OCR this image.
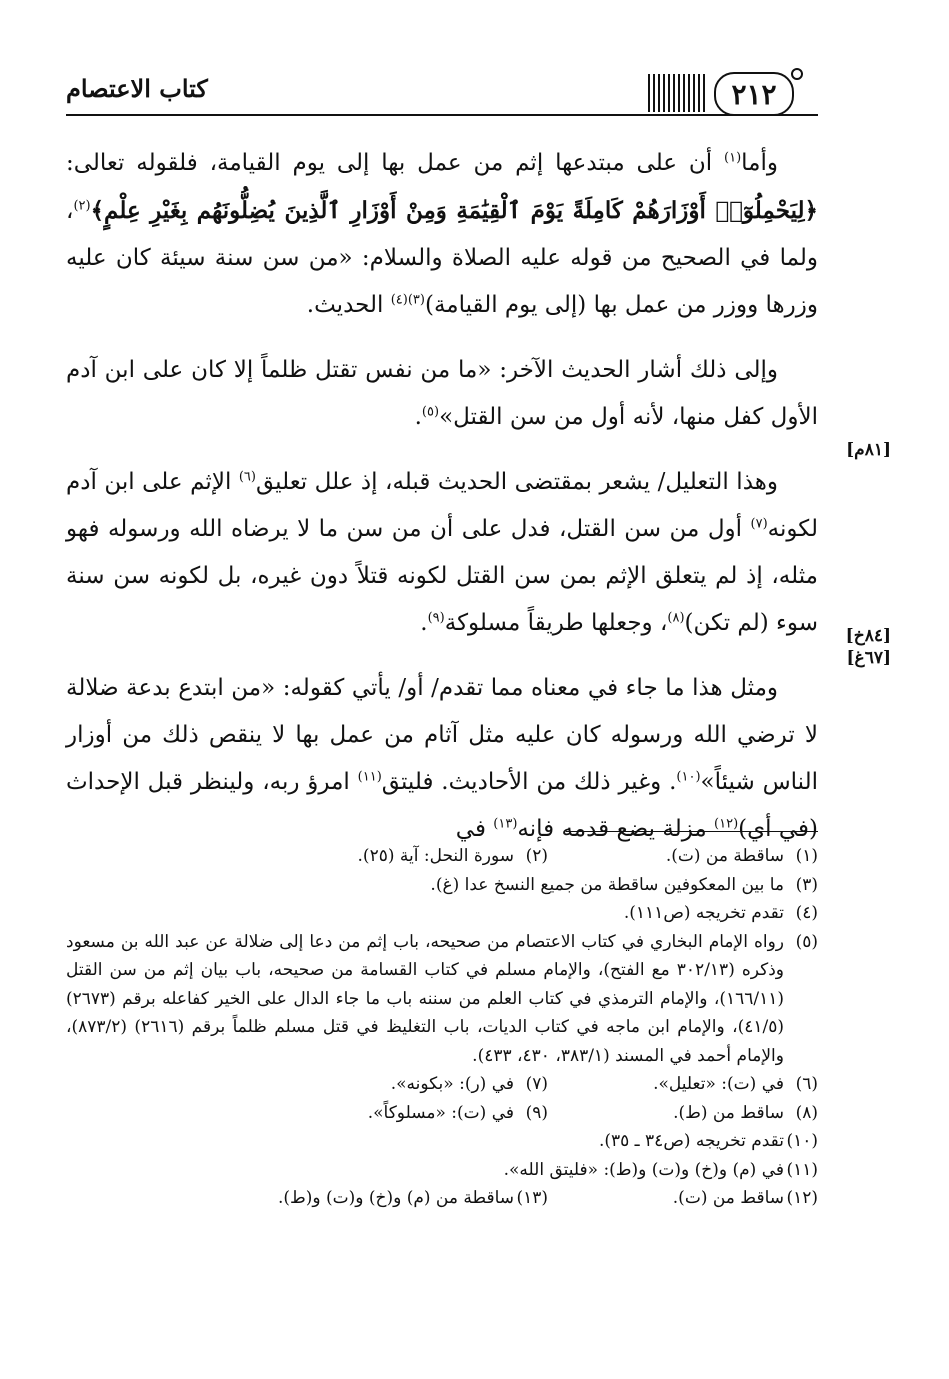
كتاب الاعتصام	٢١٢
[٨١م]
[٨٤خ]
[٦٧غ]

وأما$^{(١)}$ أن على مبتدعها إثم من عمل بها إلى يوم القيامة، فلقوله تعالى: ﴿لِيَحْمِلُوٓا۟ أَوْزَارَهُمْ كَامِلَةً يَوْمَ ٱلْقِيَٰمَةِ وَمِنْ أَوْزَارِ ٱلَّذِينَ يُضِلُّونَهُم بِغَيْرِ عِلْمٍ﴾$^{(٢)}$، ولما في الصحيح من قوله عليه الصلاة والسلام: «من سن سنة سيئة كان عليه وزرها ووزر من عمل بها (إلى يوم القيامة)$^{(٣)(٤)}$ الحديث.

وإلى ذلك أشار الحديث الآخر: «ما من نفس تقتل ظلماً إلا كان على ابن آدم الأول كفل منها، لأنه أول من سن القتل»$^{(٥)}$.

وهذا التعليل/ يشعر بمقتضى الحديث قبله، إذ علل تعليق$^{(٦)}$ الإثم على ابن آدم لكونه$^{(٧)}$ أول من سن القتل، فدل على أن من سن ما لا يرضاه الله ورسوله فهو مثله، إذ لم يتعلق الإثم بمن سن القتل لكونه قتلاً دون غيره، بل لكونه سن سنة سوء (لم تكن)$^{(٨)}$، وجعلها طريقاً مسلوكة$^{(٩)}$.

ومثل هذا ما جاء في معناه مما تقدم/ أو/ يأتي كقوله: «من ابتدع بدعة ضلالة لا ترضي الله ورسوله كان عليه مثل آثام من عمل بها لا ينقص ذلك من أوزار الناس شيئاً»$^{(١٠)}$. وغير ذلك من الأحاديث. فليتق$^{(١١)}$ امرؤ ربه، ولينظر قبل الإحداث (في أي)$^{(١٢)}$ مزلة يضع قدمه فإنه$^{(١٣)}$ في

(١)
ساقطة من (ت).
(٢)
سورة النحل: آية (٢٥).
(٣)
ما بين المعكوفين ساقطة من جميع النسخ عدا (غ).
(٤)
تقدم تخريجه (ص١١١).
(٥)
رواه الإمام البخاري في كتاب الاعتصام من صحيحه، باب إثم من دعا إلى ضلالة عن عبد الله بن مسعود وذكره (٣٠٢/١٣ مع الفتح)، والإمام مسلم في كتاب القسامة من صحيحه، باب بيان إثم من سن القتل (١٦٦/١١)، والإمام الترمذي في كتاب العلم من سننه باب ما جاء الدال على الخير كفاعله برقم (٢٦٧٣) (٤١/٥)، والإمام ابن ماجه في كتاب الديات، باب التغليظ في قتل مسلم ظلماً برقم (٢٦١٦) (٨٧٣/٢)، والإمام أحمد في المسند (٣٨٣/١، ٤٣٠، ٤٣٣).
(٦)
في (ت): «تعليل».
(٧)
في (ر): «بكونه».
(٨)
ساقط من (ط).
(٩)
في (ت): «مسلوكاً».
(١٠)
تقدم تخريجه (ص٣٤ ـ ٣٥).
(١١)
في (م) و(خ) و(ت) و(ط): «فليتق الله».
(١٢)
ساقط من (ت).
(١٣)
ساقطة من (م) و(خ) و(ت) و(ط).
